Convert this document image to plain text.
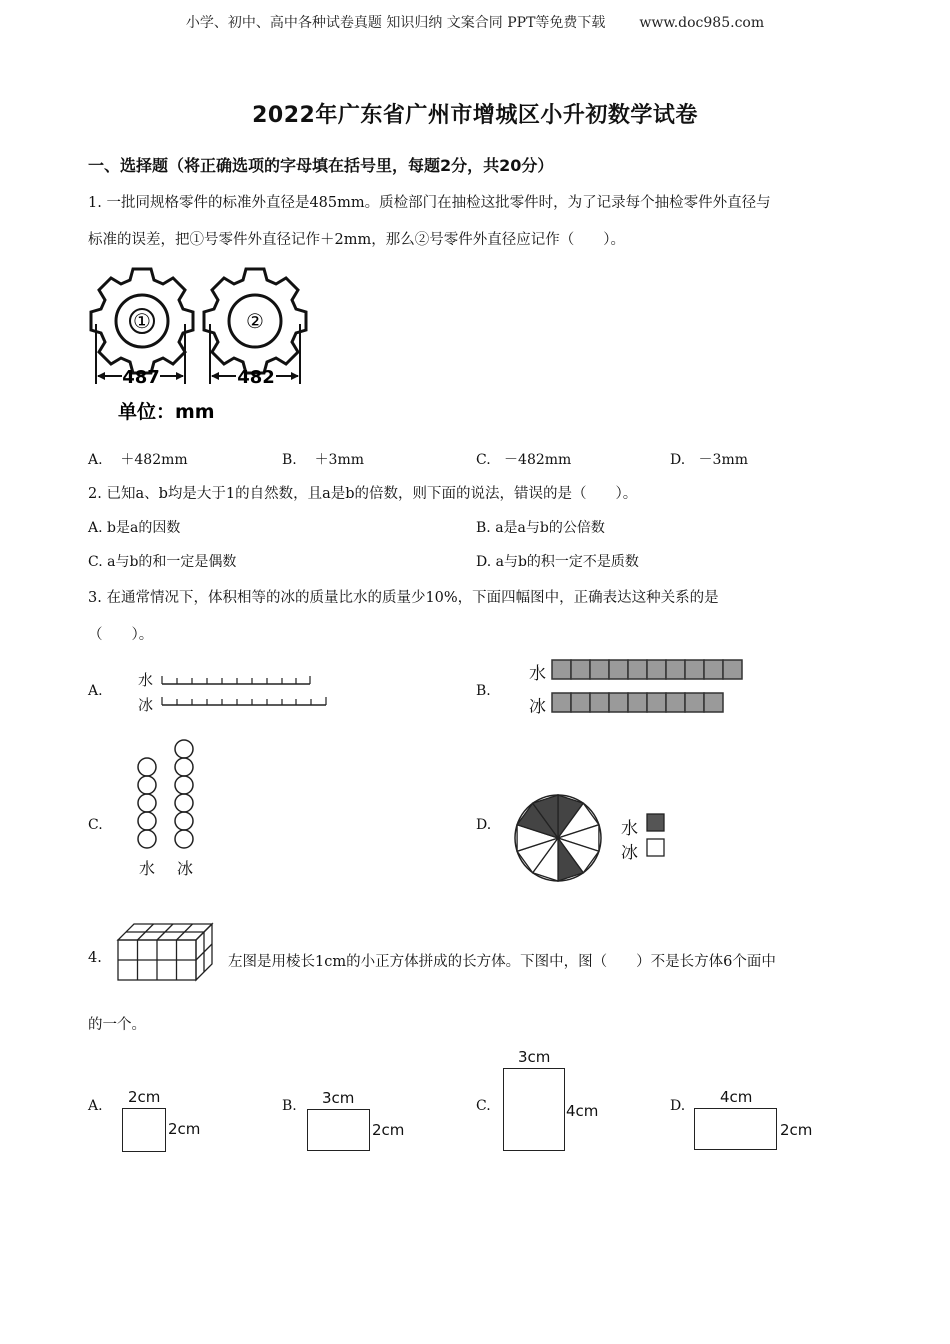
小学、初中、高中各种试卷真题 知识归纳 文案合同 PPT等免费下载 www.doc985.com
2022年广东省广州市增城区小升初数学试卷
一、选择题（将正确选项的字母填在括号里，每题2分，共20分）
1. 一批同规格零件的标准外直径是485mm。质检部门在抽检这批零件时，为了记录每个抽检零件外直径与
标准的误差，把①号零件外直径记作＋2mm，那么②号零件外直径应记作（　　）。
①	②
487	482
单位：mm
A. ＋482mm	B. ＋3mm	C. －482mm	D. －3mm
2. 已知a、b均是大于1的自然数，且a是b的倍数，则下面的说法，错误的是（　　）。
A. b是a的因数	B. a是a与b的公倍数
C. a与b的和一定是偶数	D. a与b的积一定不是质数
3. 在通常情况下，体积相等的冰的质量比水的质量少10%，下面四幅图中，正确表达这种关系的是
（　　）。
A.
水
冰
B.
水
冰
C.
水 冰
D.	水
冰
4.	左图是用棱长1cm的小正方体拼成的长方体。下图中，图（　　）不是长方体6个面中
的一个。
A. 2cm
2cm
B. 3cm
2cm
C.
3cm
4cm	D. 4cm
2cm
